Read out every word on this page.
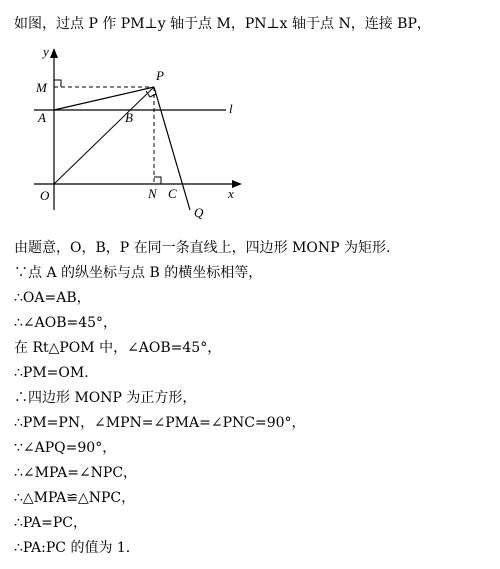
如图，过点 P 作 PM⊥y 轴于点 M，PN⊥x 轴于点 N，连接 BP，
y
M
P
l
A	B
O	N C	x
Q
由题意，O，B，P 在同一条直线上，四边形 MONP 为矩形.
∵点 A 的纵坐标与点 B 的横坐标相等，
∴OA=AB，
∴∠AOB=45°，
在 Rt△POM 中，∠AOB=45°，
∴PM=OM.
∴四边形 MONP 为正方形，
∴PM=PN，∠MPN=∠PMA=∠PNC=90°，
∵∠APQ=90°，
∴∠MPA=∠NPC，
∴△MPA≌△NPC，
∴PA=PC，
∴PA:PC 的值为 1.
